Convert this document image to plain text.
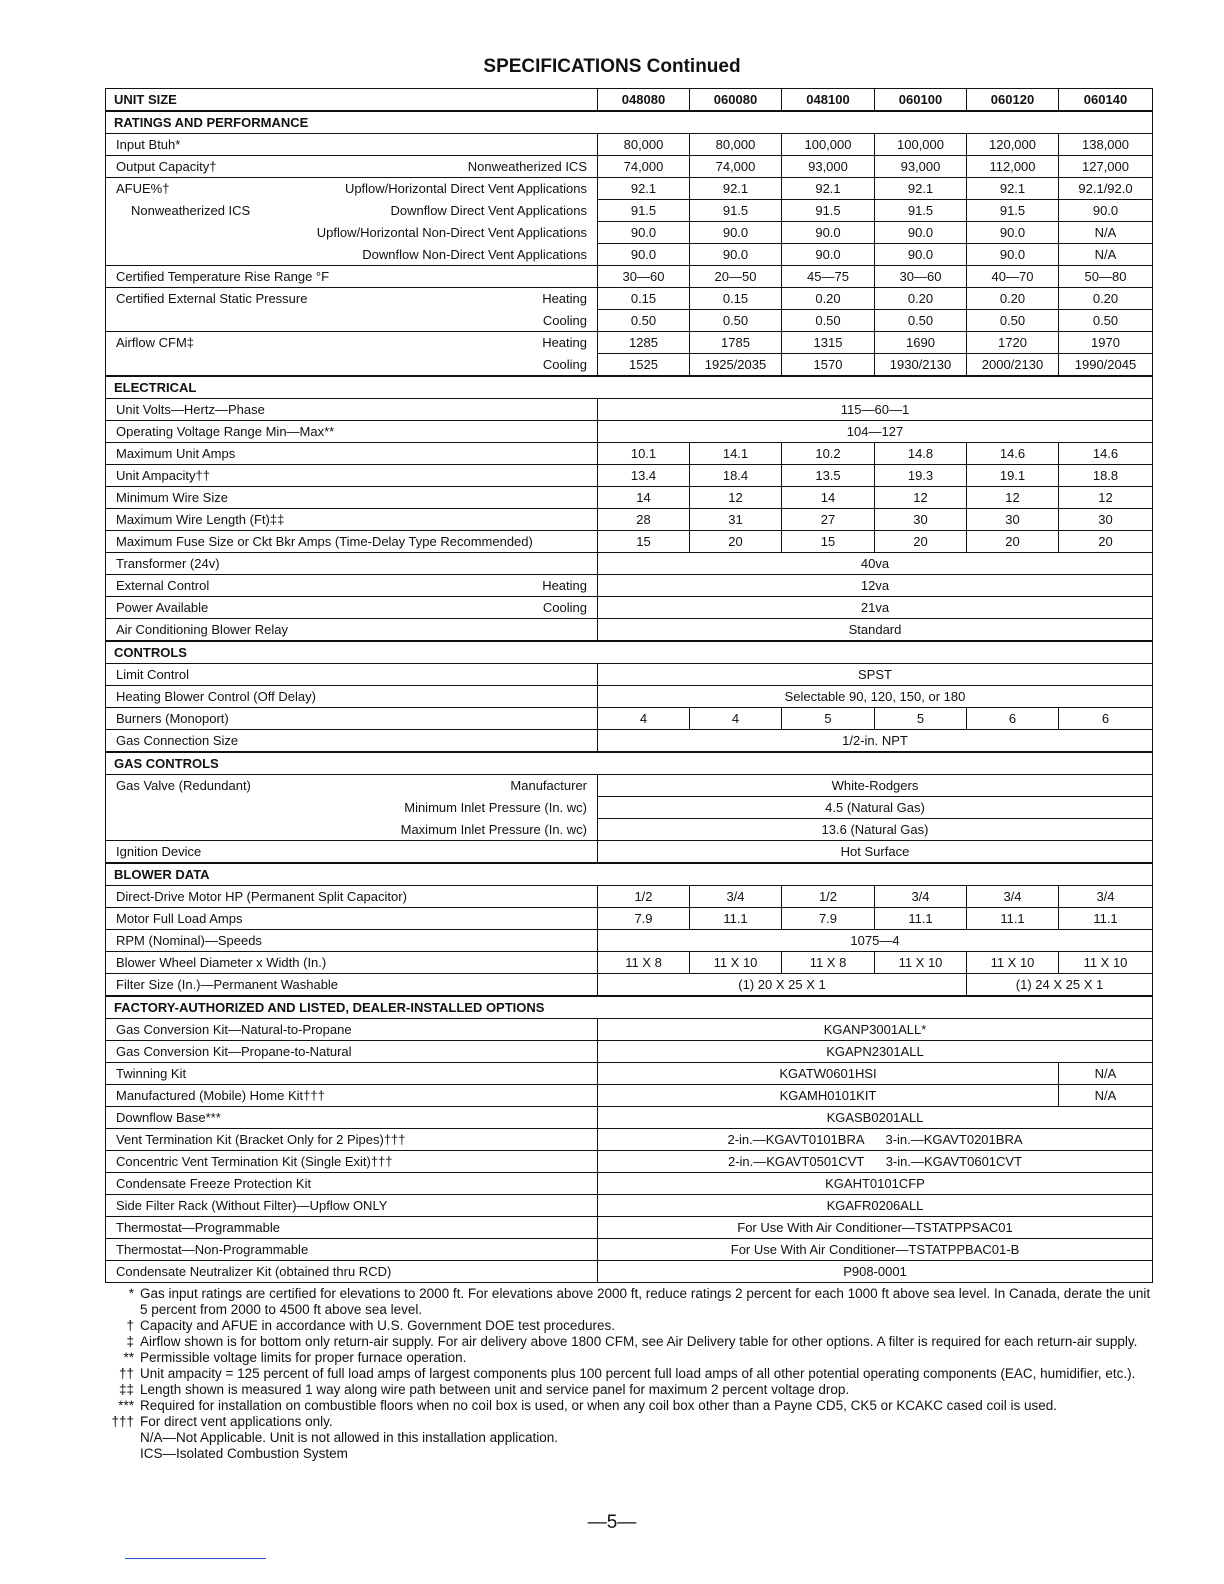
SPECIFICATIONS Continued
UNIT SIZE	048080	060080	048100	060100	060120	060140
RATINGS AND PERFORMANCE						

Input Btuh*	80,000	80,000	100,000	100,000	120,000	138,000

Output Capacity† Nonweatherized ICS	74,000	74,000	93,000	93,000	112,000	127,000

AFUE%† Upflow/Horizontal Direct Vent Applications	92.1	92.1	92.1	92.1	92.1	92.1/92.0

Nonweatherized ICS Downflow Direct Vent Applications	91.5	91.5	91.5	91.5	91.5	90.0

Upflow/Horizontal Non-Direct Vent Applications	90.0	90.0	90.0	90.0	90.0	N/A

Downflow Non-Direct Vent Applications	90.0	90.0	90.0	90.0	90.0	N/A

Certified Temperature Rise Range °F	30—60	20—50	45—75	30—60	40—70	50—80

Certified External Static Pressure Heating	0.15	0.15	0.20	0.20	0.20	0.20

Cooling	0.50	0.50	0.50	0.50	0.50	0.50

Airflow CFM‡ Heating	1285	1785	1315	1690	1720	1970

Cooling	1525	1925/2035	1570	1930/2130	2000/2130	1990/2045
ELECTRICAL						

Unit Volts—Hertz—Phase	115—60—1					

Operating Voltage Range Min—Max**	104—127					

Maximum Unit Amps	10.1	14.1	10.2	14.8	14.6	14.6

Unit Ampacity††	13.4	18.4	13.5	19.3	19.1	18.8

Minimum Wire Size	14	12	14	12	12	12

Maximum Wire Length (Ft)‡‡	28	31	27	30	30	30

Maximum Fuse Size or Ckt Bkr Amps (Time-Delay Type Recommended)	15	20	15	20	20	20

Transformer (24v)	40va					

External Control Heating	12va					

Power Available Cooling	21va					

Air Conditioning Blower Relay	Standard					
CONTROLS						

Limit Control	SPST					

Heating Blower Control (Off Delay)	Selectable 90, 120, 150, or 180					

Burners (Monoport)	4	4	5	5	6	6

Gas Connection Size	1/2-in. NPT					
GAS CONTROLS						

Gas Valve (Redundant) Manufacturer	White-Rodgers					

Minimum Inlet Pressure (In. wc)	4.5 (Natural Gas)					

Maximum Inlet Pressure (In. wc)	13.6 (Natural Gas)					

Ignition Device	Hot Surface					
BLOWER DATA						

Direct-Drive Motor HP (Permanent Split Capacitor)	1/2	3/4	1/2	3/4	3/4	3/4

Motor Full Load Amps	7.9	11.1	7.9	11.1	11.1	11.1

RPM (Nominal)—Speeds	1075—4					

Blower Wheel Diameter x Width (In.)	11 X 8	11 X 10	11 X 8	11 X 10	11 X 10	11 X 10

Filter Size (In.)—Permanent Washable	(1) 20 X 25 X 1				(1) 24 X 25 X 1	
FACTORY-AUTHORIZED AND LISTED, DEALER-INSTALLED OPTIONS						

Gas Conversion Kit—Natural-to-Propane	KGANP3001ALL*					

Gas Conversion Kit—Propane-to-Natural	KGAPN2301ALL					

Twinning Kit	KGATW0601HSI					N/A

Manufactured (Mobile) Home Kit†††	KGAMH0101KIT					N/A

Downflow Base***	KGASB0201ALL					

Vent Termination Kit (Bracket Only for 2 Pipes)†††	2-in.—KGAVT0101BRA      3-in.—KGAVT0201BRA					

Concentric Vent Termination Kit (Single Exit)†††	2-in.—KGAVT0501CVT      3-in.—KGAVT0601CVT					

Condensate Freeze Protection Kit	KGAHT0101CFP					

Side Filter Rack (Without Filter)—Upflow ONLY	KGAFR0206ALL					

Thermostat—Programmable	For Use With Air Conditioner—TSTATPPSAC01					

Thermostat—Non-Programmable	For Use With Air Conditioner—TSTATPPBAC01-B					

Condensate Neutralizer Kit (obtained thru RCD)	P908-0001					
* Gas input ratings are certified for elevations to 2000 ft. For elevations above 2000 ft, reduce ratings 2 percent for each 1000 ft above sea level. In Canada, derate the unit 5 percent from 2000 to 4500 ft above sea level.
† Capacity and AFUE in accordance with U.S. Government DOE test procedures.
‡ Airflow shown is for bottom only return-air supply. For air delivery above 1800 CFM, see Air Delivery table for other options. A filter is required for each return-air supply.
** Permissible voltage limits for proper furnace operation.
†† Unit ampacity = 125 percent of full load amps of largest components plus 100 percent full load amps of all other potential operating components (EAC, humidifier, etc.).
‡‡ Length shown is measured 1 way along wire path between unit and service panel for maximum 2 percent voltage drop.
*** Required for installation on combustible floors when no coil box is used, or when any coil box other than a Payne CD5, CK5 or KCAKC cased coil is used.
††† For direct vent applications only.
N/A—Not Applicable. Unit is not allowed in this installation application.
ICS—Isolated Combustion System
—5—
